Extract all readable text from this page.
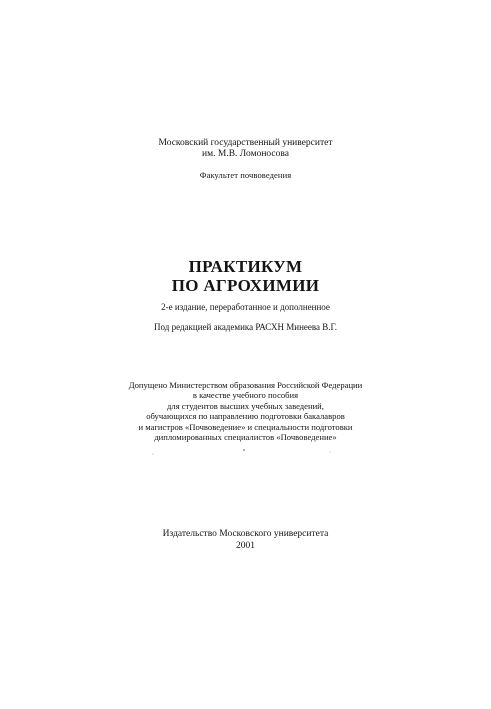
Московский государственный университет
им. М.В. Ломоносова
Факультет почвоведения
ПРАКТИКУМ
ПО АГРОХИМИИ
2-е издание, переработанное и дополненное
Под редакцией академика РАСХН Минеева В.Г.
Допущено Министерством образования Российской Федерации
в качестве учебного пособия
для студентов высших учебных заведений,
обучающихся по направлению подготовки бакалавров
и магистров «Почвоведение» и специальности подготовки
дипломированных специалистов «Почвоведение»
Издательство Московского университета
2001
